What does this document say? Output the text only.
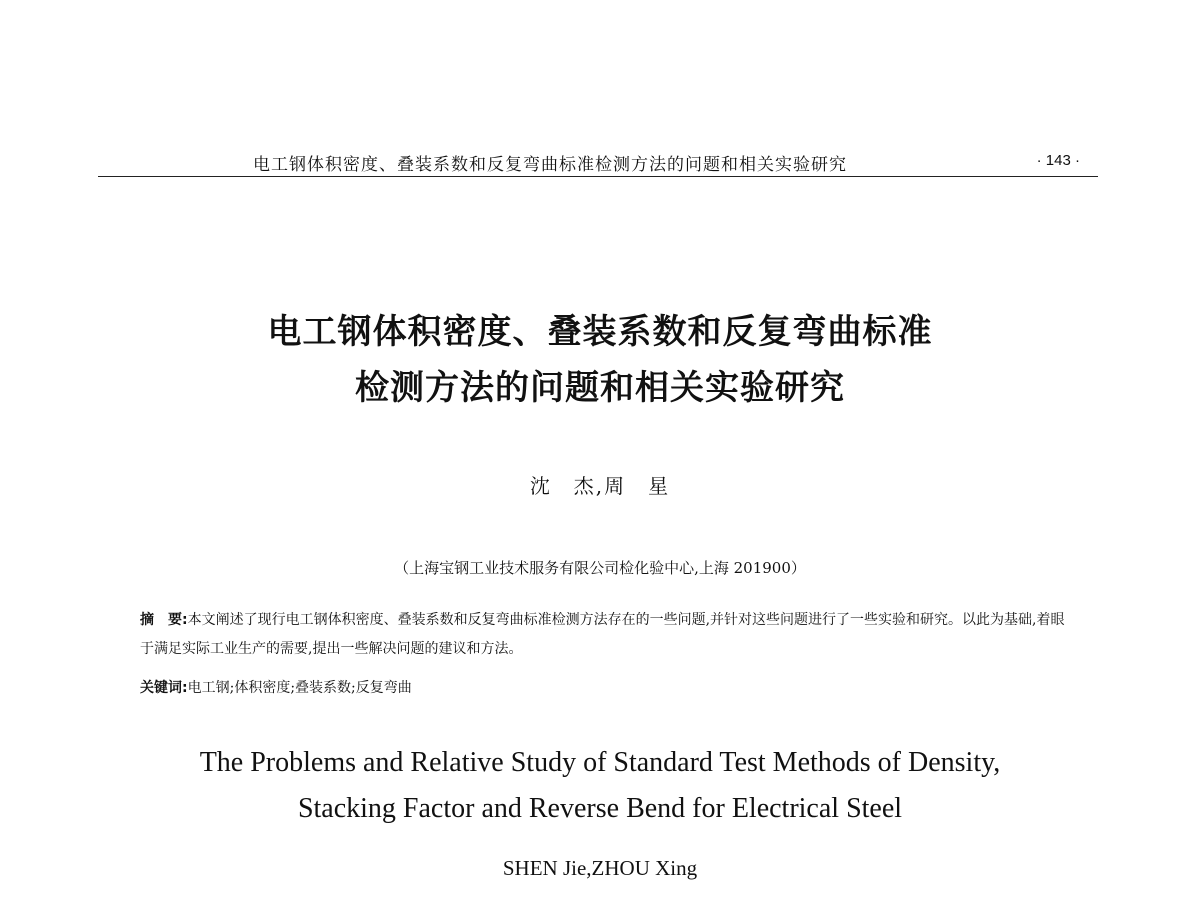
电工钢体积密度、叠装系数和反复弯曲标准检测方法的问题和相关实验研究	· 143 ·
电工钢体积密度、叠装系数和反复弯曲标准
检测方法的问题和相关实验研究
沈　杰,周　星
（上海宝钢工业技术服务有限公司检化验中心,上海 201900）
摘　要:本文阐述了现行电工钢体积密度、叠装系数和反复弯曲标准检测方法存在的一些问题,并针对这些问题进行了一些实验和研究。以此为基础,着眼于满足实际工业生产的需要,提出一些解决问题的建议和方法。
关键词:电工钢;体积密度;叠装系数;反复弯曲
The Problems and Relative Study of Standard Test Methods of Density,
Stacking Factor and Reverse Bend for Electrical Steel
SHEN Jie,ZHOU Xing
